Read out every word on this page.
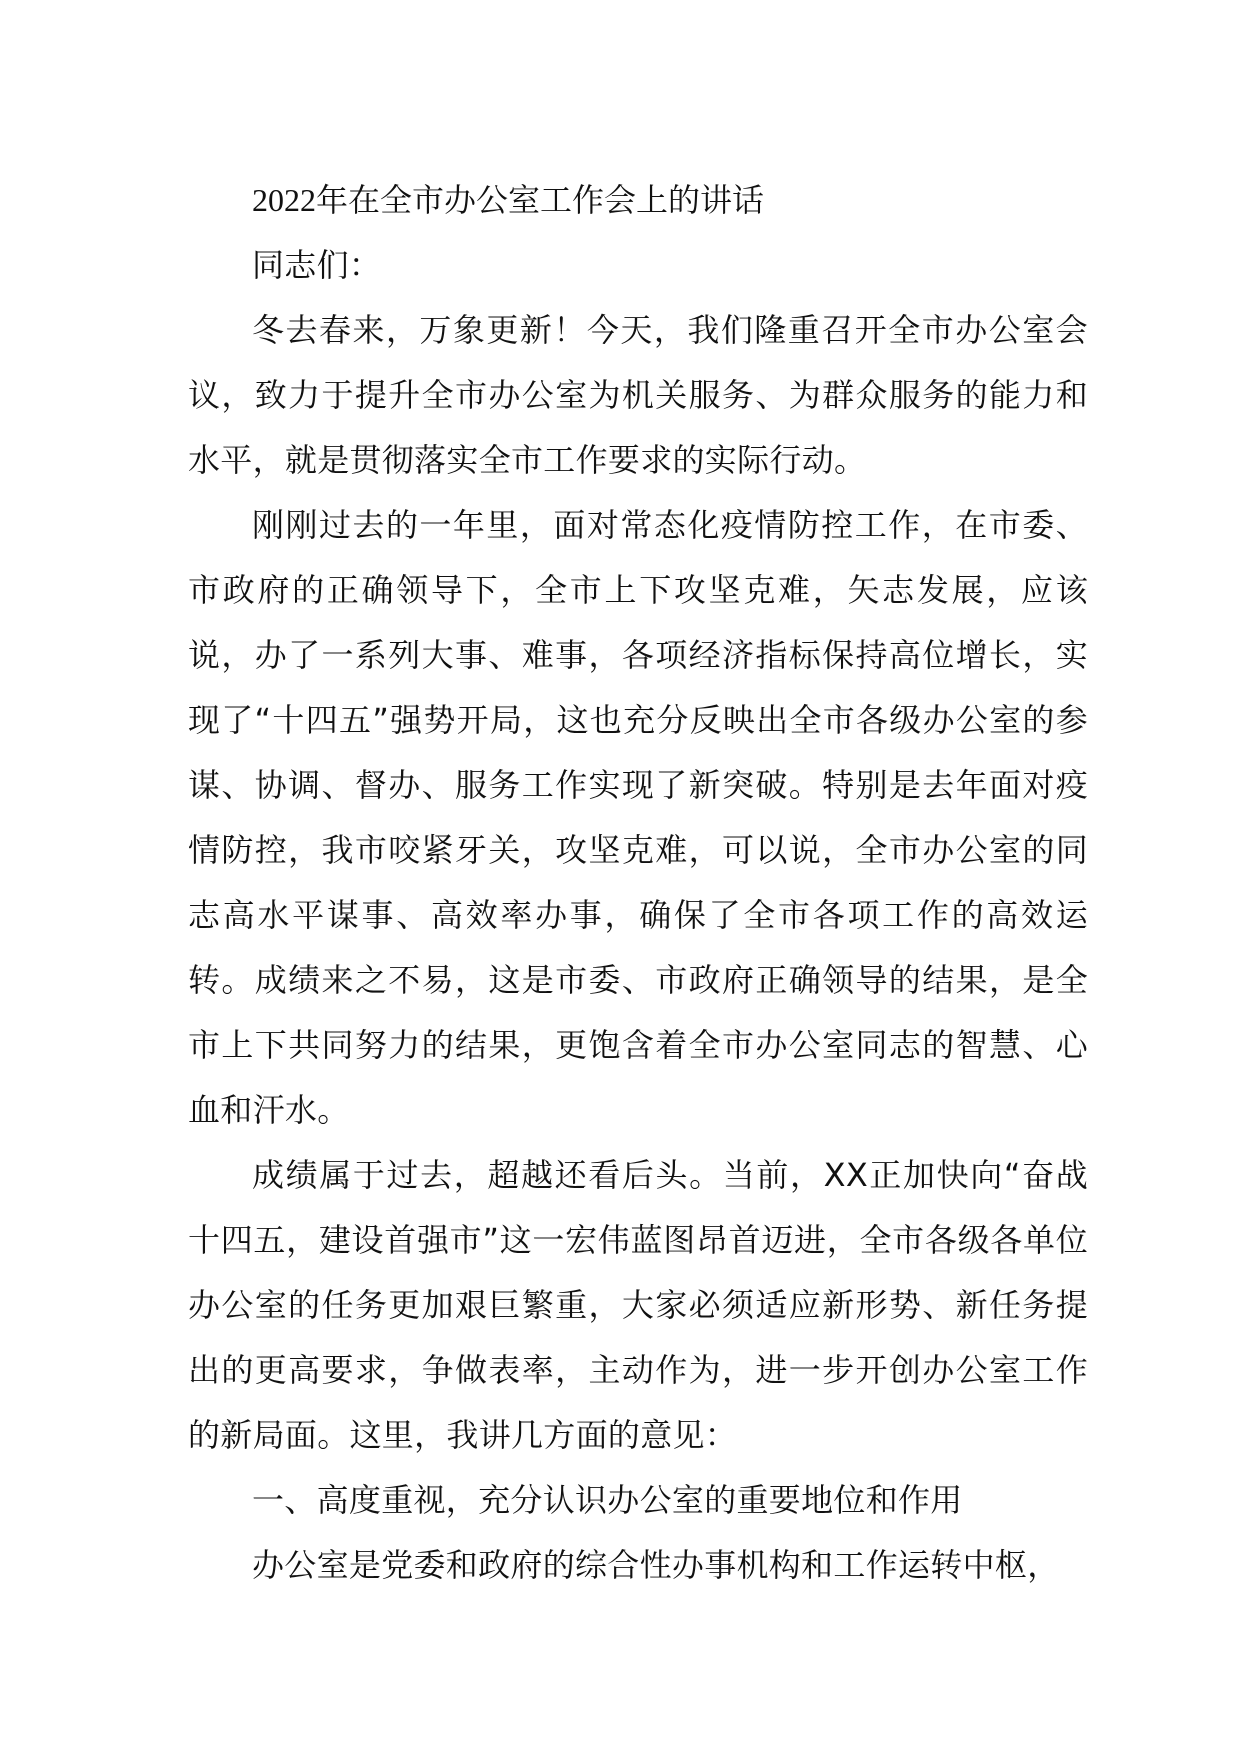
2022年在全市办公室工作会上的讲话

同志们：

冬去春来，万象更新！今天，我们隆重召开全市办公室会议，致力于提升全市办公室为机关服务、为群众服务的能力和水平，就是贯彻落实全市工作要求的实际行动。

刚刚过去的一年里，面对常态化疫情防控工作，在市委、市政府的正确领导下，全市上下攻坚克难，矢志发展，应该说，办了一系列大事、难事，各项经济指标保持高位增长，实现了“十四五”强势开局，这也充分反映出全市各级办公室的参谋、协调、督办、服务工作实现了新突破。特别是去年面对疫情防控，我市咬紧牙关，攻坚克难，可以说，全市办公室的同志高水平谋事、高效率办事，确保了全市各项工作的高效运转。成绩来之不易，这是市委、市政府正确领导的结果，是全市上下共同努力的结果，更饱含着全市办公室同志的智慧、心血和汗水。

成绩属于过去，超越还看后头。当前，XX正加快向“奋战十四五，建设首强市”这一宏伟蓝图昂首迈进，全市各级各单位办公室的任务更加艰巨繁重，大家必须适应新形势、新任务提出的更高要求，争做表率，主动作为，进一步开创办公室工作的新局面。这里，我讲几方面的意见：

一、高度重视，充分认识办公室的重要地位和作用

办公室是党委和政府的综合性办事机构和工作运转中枢，
